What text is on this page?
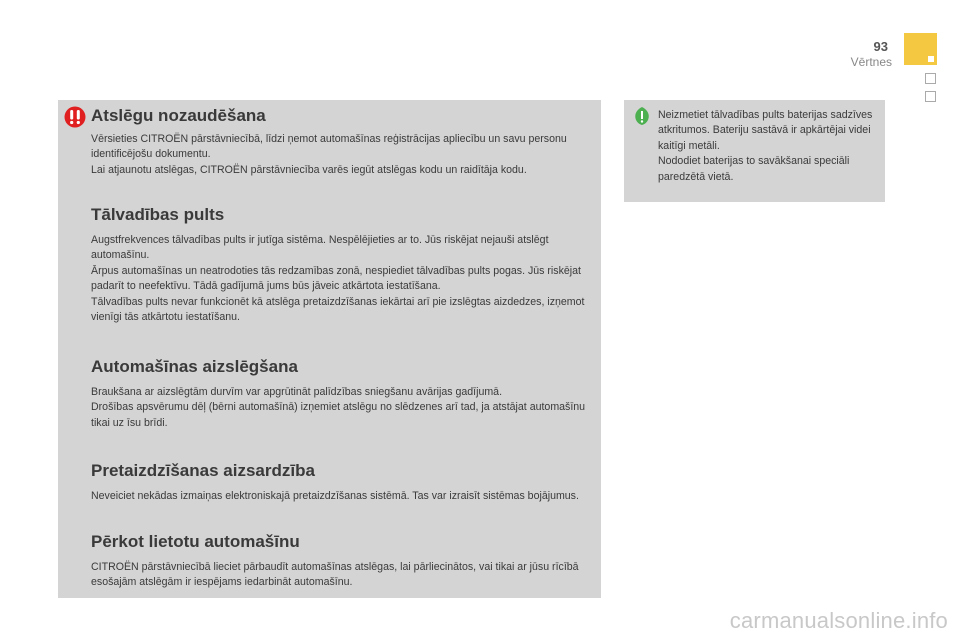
93
Vērtnes
Atslēgu nozaudēšana

Vērsieties CITROËN pārstāvniecībā, līdzi ņemot automašīnas reģistrācijas apliecību un savu personu identificējošu dokumentu.
Lai atjaunotu atslēgas, CITROËN pārstāvniecība varēs iegūt atslēgas kodu un raidītāja kodu.

Tālvadības pults

Augstfrekvences tālvadības pults ir jutīga sistēma. Nespēlējieties ar to. Jūs riskējat nejauši atslēgt automašīnu.
Ārpus automašīnas un neatrodoties tās redzamības zonā, nespiediet tālvadības pults pogas. Jūs riskējat padarīt to neefektīvu. Tādā gadījumā jums būs jāveic atkārtota iestatīšana.
Tālvadības pults nevar funkcionēt kā atslēga pretaizdzīšanas iekārtai arī pie izslēgtas aizdedzes, izņemot vienīgi tās atkārtotu iestatīšanu.

Automašīnas aizslēgšana

Braukšana ar aizslēgtām durvīm var apgrūtināt palīdzības sniegšanu avārijas gadījumā.
Drošības apsvērumu dēļ (bērni automašīnā) izņemiet atslēgu no slēdzenes arī tad, ja atstājat automašīnu tikai uz īsu brīdi.

Pretaizdzīšanas aizsardzība

Neveiciet nekādas izmaiņas elektroniskajā pretaizdzīšanas sistēmā. Tas var izraisīt sistēmas bojājumus.

Pērkot lietotu automašīnu

CITROËN pārstāvniecībā lieciet pārbaudīt automašīnas atslēgas, lai pārliecinātos, vai tikai ar jūsu rīcībā esošajām atslēgām ir iespējams iedarbināt automašīnu.

Neizmetiet tālvadības pults baterijas sadzīves atkritumos. Bateriju sastāvā ir apkārtējai videi kaitīgi metāli.
Nododiet baterijas to savākšanai speciāli paredzētā vietā.

carmanualsonline.info
